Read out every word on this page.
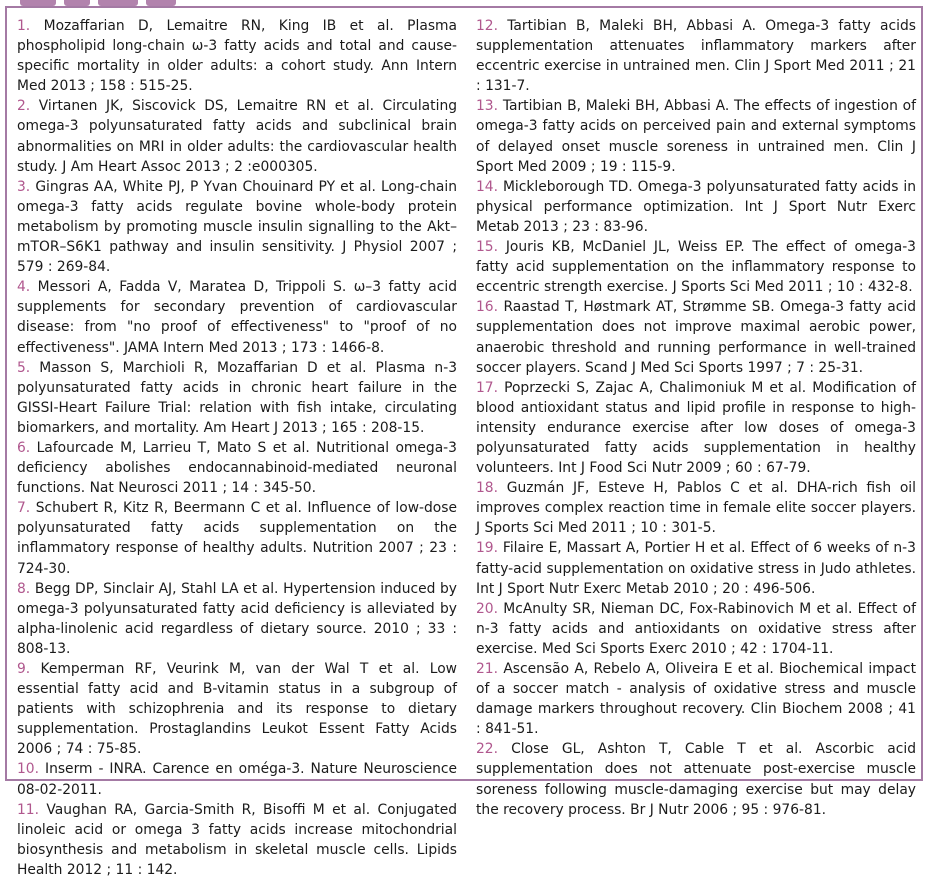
1. Mozaffarian D, Lemaitre RN, King IB et al. Plasma phospholipid long-chain ω-3 fatty acids and total and cause-specific mortality in older adults: a cohort study. Ann Intern Med 2013 ; 158 : 515-25.
2. Virtanen JK, Siscovick DS, Lemaitre RN et al. Circulating omega-3 polyunsaturated fatty acids and subclinical brain abnormalities on MRI in older adults: the cardiovascular health study. J Am Heart Assoc 2013 ; 2 :e000305.
3. Gingras AA, White PJ, P Yvan Chouinard PY et al. Long-chain omega-3 fatty acids regulate bovine whole-body protein metabolism by promoting muscle insulin signalling to the Akt–mTOR–S6K1 pathway and insulin sensitivity. J Physiol 2007 ; 579 : 269-84.
4. Messori A, Fadda V, Maratea D, Trippoli S. ω–3 fatty acid supplements for secondary prevention of cardiovascular disease: from "no proof of effectiveness" to "proof of no effectiveness". JAMA Intern Med 2013 ; 173 : 1466-8.
5. Masson S, Marchioli R, Mozaffarian D et al. Plasma n-3 polyunsaturated fatty acids in chronic heart failure in the GISSI-Heart Failure Trial: relation with fish intake, circulating biomarkers, and mortality. Am Heart J 2013 ; 165 : 208-15.
6. Lafourcade M, Larrieu T, Mato S et al. Nutritional omega-3 deficiency abolishes endocannabinoid-mediated neuronal functions. Nat Neurosci 2011 ; 14 : 345-50.
7. Schubert R, Kitz R, Beermann C et al. Influence of low-dose polyunsaturated fatty acids supplementation on the inflammatory response of healthy adults. Nutrition 2007 ; 23 : 724-30.
8. Begg DP, Sinclair AJ, Stahl LA et al. Hypertension induced by omega-3 polyunsaturated fatty acid deficiency is alleviated by alpha-linolenic acid regardless of dietary source. 2010 ; 33 : 808-13.
9. Kemperman RF, Veurink M, van der Wal T et al. Low essential fatty acid and B-vitamin status in a subgroup of patients with schizophrenia and its response to dietary supplementation. Prostaglandins Leukot Essent Fatty Acids 2006 ; 74 : 75-85.
10. Inserm - INRA. Carence en oméga-3. Nature Neuroscience 08-02-2011.
11. Vaughan RA, Garcia-Smith R, Bisoffi M et al. Conjugated linoleic acid or omega 3 fatty acids increase mitochondrial biosynthesis and metabolism in skeletal muscle cells. Lipids Health 2012 ; 11 : 142.
12. Tartibian B, Maleki BH, Abbasi A. Omega-3 fatty acids supplementation attenuates inflammatory markers after eccentric exercise in untrained men. Clin J Sport Med 2011 ; 21 : 131-7.
13. Tartibian B, Maleki BH, Abbasi A. The effects of ingestion of omega-3 fatty acids on perceived pain and external symptoms of delayed onset muscle soreness in untrained men. Clin J Sport Med 2009 ; 19 : 115-9.
14. Mickleborough TD. Omega-3 polyunsaturated fatty acids in physical performance optimization. Int J Sport Nutr Exerc Metab 2013 ; 23 : 83-96.
15. Jouris KB, McDaniel JL, Weiss EP. The effect of omega-3 fatty acid supplementation on the inflammatory response to eccentric strength exercise. J Sports Sci Med 2011 ; 10 : 432-8.
16. Raastad T, Høstmark AT, Strømme SB. Omega-3 fatty acid supplementation does not improve maximal aerobic power, anaerobic threshold and running performance in well-trained soccer players. Scand J Med Sci Sports 1997 ; 7 : 25-31.
17. Poprzecki S, Zajac A, Chalimoniuk M et al. Modification of blood antioxidant status and lipid profile in response to high-intensity endurance exercise after low doses of omega-3 polyunsaturated fatty acids supplementation in healthy volunteers. Int J Food Sci Nutr 2009 ; 60 : 67-79.
18. Guzmán JF, Esteve H, Pablos C et al. DHA-rich fish oil improves complex reaction time in female elite soccer players. J Sports Sci Med 2011 ; 10 : 301-5.
19. Filaire E, Massart A, Portier H et al. Effect of 6 weeks of n-3 fatty-acid supplementation on oxidative stress in Judo athletes. Int J Sport Nutr Exerc Metab 2010 ; 20 : 496-506.
20. McAnulty SR, Nieman DC, Fox-Rabinovich M et al. Effect of n-3 fatty acids and antioxidants on oxidative stress after exercise. Med Sci Sports Exerc 2010 ; 42 : 1704-11.
21. Ascensão A, Rebelo A, Oliveira E et al. Biochemical impact of a soccer match - analysis of oxidative stress and muscle damage markers throughout recovery. Clin Biochem 2008 ; 41 : 841-51.
22. Close GL, Ashton T, Cable T et al. Ascorbic acid supplementation does not attenuate post-exercise muscle soreness following muscle-damaging exercise but may delay the recovery process. Br J Nutr 2006 ; 95 : 976-81.
